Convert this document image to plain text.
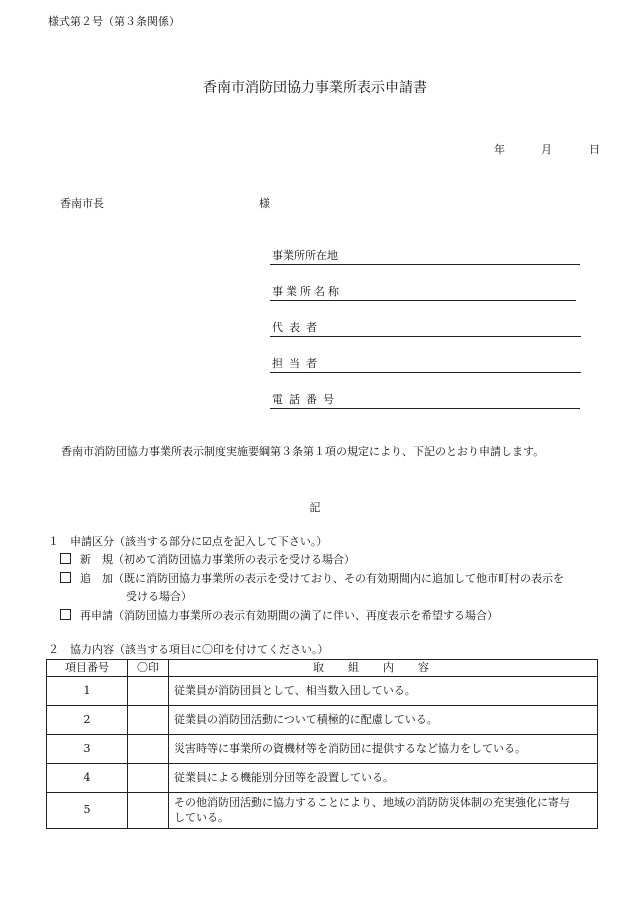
様式第２号（第３条関係）
香南市消防団協力事業所表示申請書
年	月	日
香南市長	様
事業所所在地
事業所名称
代表者
担当者
電話番号
香南市消防団協力事業所表示制度実施要綱第３条第１項の規定により、下記のとおり申請します。
記
１　申請区分（該当する部分に☑点を記入して下さい。）
新　規（初めて消防団協力事業所の表示を受ける場合）
追　加（既に消防団協力事業所の表示を受けており、その有効期間内に追加して他市町村の表示を
受ける場合）
再申請（消防団協力事業所の表示有効期間の満了に伴い、再度表示を希望する場合）
２　協力内容（該当する項目に〇印を付けてください。）
項目番号	〇印	取組内容
1		従業員が消防団員として、相当数入団している。
2		従業員の消防団活動について積極的に配慮している。
3		災害時等に事業所の資機材等を消防団に提供するなど協力をしている。
4		従業員による機能別分団等を設置している。
5		その他消防団活動に協力することにより、地域の消防防災体制の充実強化に寄与
している。
